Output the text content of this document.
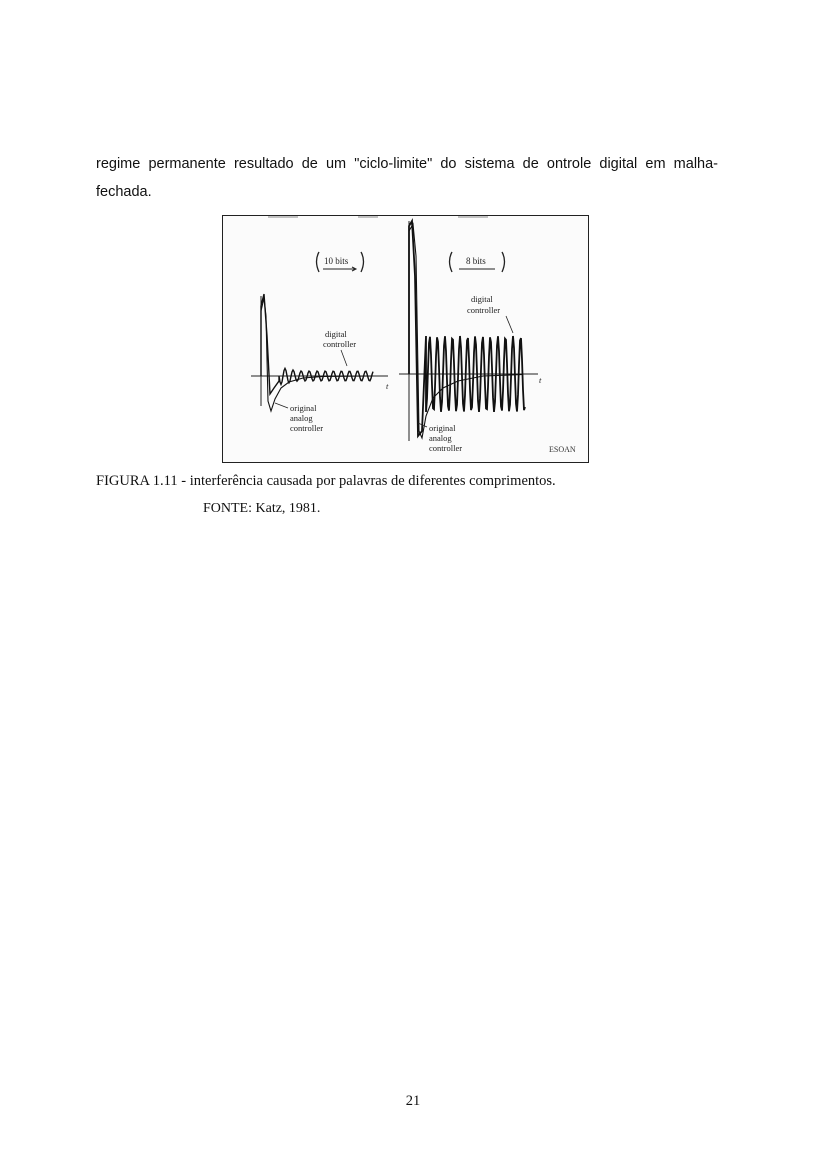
regime permanente resultado de um "ciclo-limite" do sistema de ontrole digital em malha-fechada.

10 bits
t
digital
controller
original
analog
controller
8 bits
t
digital
controller
original
analog
controller	ESOAN

FIGURA 1.11 - interferência causada por palavras de diferentes comprimentos.

FONTE: Katz, 1981.

21
